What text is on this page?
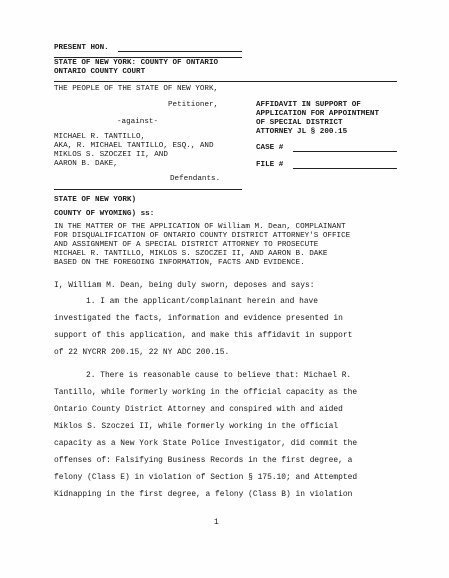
PRESENT HON.
STATE OF NEW YORK: COUNTY OF ONTARIO
ONTARIO COUNTY COURT
THE PEOPLE OF THE STATE OF NEW YORK,
Petitioner,
-against-
MICHAEL R. TANTILLO,
AKA, R. MICHAEL TANTILLO, ESQ., AND
MIKLOS S. SZOCZEI II, AND
AARON B. DAKE,
Defendants.
AFFIDAVIT IN SUPPORT OF
APPLICATION FOR APPOINTMENT
OF SPECIAL DISTRICT
ATTORNEY JL § 200.15
CASE #
FILE #
STATE OF NEW YORK)
COUNTY OF WYOMING) ss:
IN THE MATTER OF THE APPLICATION OF William M. Dean, COMPLAINANT
FOR DISQUALIFICATION OF ONTARIO COUNTY DISTRICT ATTORNEY'S OFFICE
AND ASSIGNMENT OF A SPECIAL DISTRICT ATTORNEY TO PROSECUTE
MICHAEL R. TANTILLO, MIKLOS S. SZOCZEI II, AND AARON B. DAKE
BASED ON THE FOREGOING INFORMATION, FACTS AND EVIDENCE.
I, William M. Dean, being duly sworn, deposes and says:
1. I am the applicant/complainant herein and have
investigated the facts, information and evidence presented in
support of this application, and make this affidavit in support
of 22 NYCRR 200.15, 22 NY ADC 200.15.
2. There is reasonable cause to believe that: Michael R.
Tantillo, while formerly working in the official capacity as the
Ontario County District Attorney and conspired with and aided
Miklos S. Szoczei II, while formerly working in the official
capacity as a New York State Police Investigator, did commit the
offenses of: Falsifying Business Records in the first degree, a
felony (Class E) in violation of Section § 175.10; and Attempted
Kidnapping in the first degree, a felony (Class B) in violation
1
